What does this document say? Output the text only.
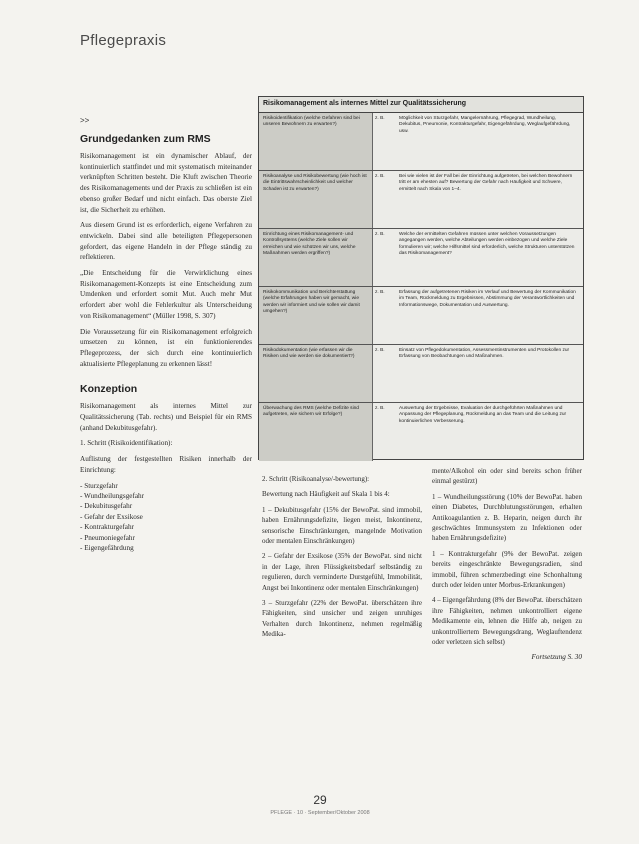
Pflegepraxis
>>
Grundgedanken zum RMS

Risikomanagement ist ein dynamischer Ablauf, der kontinuierlich stattfindet und mit systematisch miteinander verknüpften Schritten besteht. Die Kluft zwischen Theorie des Risikomanagements und der Praxis zu schließen ist ein ebenso großer Bedarf und nicht einfach. Das oberste Ziel ist, die Sicherheit zu erhöhen.

Aus diesem Grund ist es erforderlich, eigene Verfahren zu entwickeln. Dabei sind alle beteiligten Pflegepersonen gefordert, das eigene Handeln in der Pflege ständig zu reflektieren.

„Die Entscheidung für die Verwirklichung eines Risikomanagement-Konzepts ist eine Entscheidung zum Umdenken und erfordert somit Mut. Auch mehr Mut erfordert aber wohl die Fehlerkultur als Unterscheidung von Risikomanagement“ (Müller 1998, S. 307)

Die Voraussetzung für ein Risikomanagement erfolgreich umsetzen zu können, ist ein funktionierendes Pflegeprozess, der sich durch eine kontinuierlich aktualisierte Pflegeplanung zu erkennen lässt!

Konzeption

Risikomanagement als internes Mittel zur Qualitätssicherung (Tab. rechts) und Beispiel für ein RMS (anhand Dekubitusgefahr).

1. Schritt (Risikoidentifikation):

Auflistung der festgestellten Risiken innerhalb der Einrichtung:

- Sturzgefahr
- Wundheilungsgefahr
- Dekubitusgefahr
- Gefahr der Exsikose
- Kontrakturgefahr
- Pneumoniegefahr
- Eigengefährdung
Risikomanagement als internes Mittel zur Qualitätssicherung
Risikoidentifikation (welche Gefahren sind bei unseren Bewohnern zu erwarten?)
z. B.	Möglichkeit von Sturzgefahr, Mangelernährung, Pflegegrad, Wundheilung, Dekubitus, Pneumonie, Kontrakturgefahr, Eigengefährdung, Weglaufgefährdung, usw.
Risikoanalyse und Risikobewertung (wie hoch ist die Eintrittswahrscheinlichkeit und welcher Schaden ist zu erwarten?)
z. B.	Bei wie vielen ist der Fall bei der Einrichtung aufgetreten, bei welchen Bewohnern tritt er am ehesten auf? Bewertung der Gefahr nach Häufigkeit und Schwere, ermittelt nach Skala von 1–4.
Einrichtung eines Risikomanagement- und Kontrollsystems (welche Ziele sollen wir erreichen und wie schützen wir uns, welche Maßnahmen werden ergriffen?)
z. B.	Welche der ermittelten Gefahren müssen unter welchen Voraussetzungen angegangen werden, welche Abteilungen werden einbezogen und welche Ziele formulieren wir; welche Hilfsmittel sind erforderlich, welche Strukturen unterstützen das Risikomanagement?
Risikokommunikation und Berichterstattung (welche Erfahrungen haben wir gemacht, wie werden wir informiert und wie sollen wir damit umgehen?)
z. B.	Erfassung der aufgetretenen Risiken im Verlauf und Bewertung der Kommunikation im Team, Rückmeldung zu Ergebnissen, Abstimmung der Verantwortlichkeiten und Informationswege, Dokumentation und Auswertung.
Risikodokumentation (wie erfassen wir die Risiken und wie werden sie dokumentiert?)
z. B.	Einsatz von Pflegedokumentation, Assessmentinstrumenten und Protokollen zur Erfassung von Beobachtungen und Maßnahmen.
Überwachung des RMS (welche Defizite sind aufgetreten, wie sichern wir Erfolge?)
z. B.	Auswertung der Ergebnisse, Evaluation der durchgeführten Maßnahmen und Anpassung der Pflegeplanung, Rückmeldung an das Team und die Leitung zur kontinuierlichen Verbesserung.

2. Schritt (Risikoanalyse/-bewertung):

Bewertung nach Häufigkeit auf Skala 1 bis 4:

1 – Dekubitusgefahr (15% der BewoPat. sind immobil, haben Ernährungsdefizite, liegen meist, Inkontinenz, sensorische Einschränkungen, mangelnde Motivation oder mentalen Einschränkungen)

2 – Gefahr der Exsikose (35% der BewoPat. sind nicht in der Lage, ihren Flüssigkeitsbedarf selbständig zu regulieren, durch verminderte Durstgefühl, Immobilität, Angst bei Inkontinenz oder mentalen Einschränkungen)

3 – Sturzgefahr (22% der BewoPat. überschätzen ihre Fähigkeiten, sind unsicher und zeigen unruhiges Verhalten durch Inkontinenz, nehmen regelmäßig Medika-

mente/Alkohol ein oder sind bereits schon früher einmal gestürzt)

1 – Wundheilungsstörung (10% der BewoPat. haben einen Diabetes, Durchblutungsstörungen, erhalten Antikoagulantien z. B. Heparin, neigen durch ihr geschwächtes Immunsystem zu Infektionen oder haben Ernährungsdefizite)

1 – Kontrakturgefahr (9% der BewoPat. zeigen bereits eingeschränkte Bewegungsradien, sind immobil, führen schmerzbedingt eine Schonhaltung durch oder leiden unter Morbus-Erkrankungen)

4 – Eigengefährdung (8% der BewoPat. überschätzen ihre Fähigkeiten, nehmen unkontrolliert eigene Medikamente ein, lehnen die Hilfe ab, neigen zu unkontrolliertem Bewegungsdrang, Weglauftendenz oder verletzen sich selbst)

Fortsetzung S. 30
29
PFLEGE · 10 · September/Oktober 2008
